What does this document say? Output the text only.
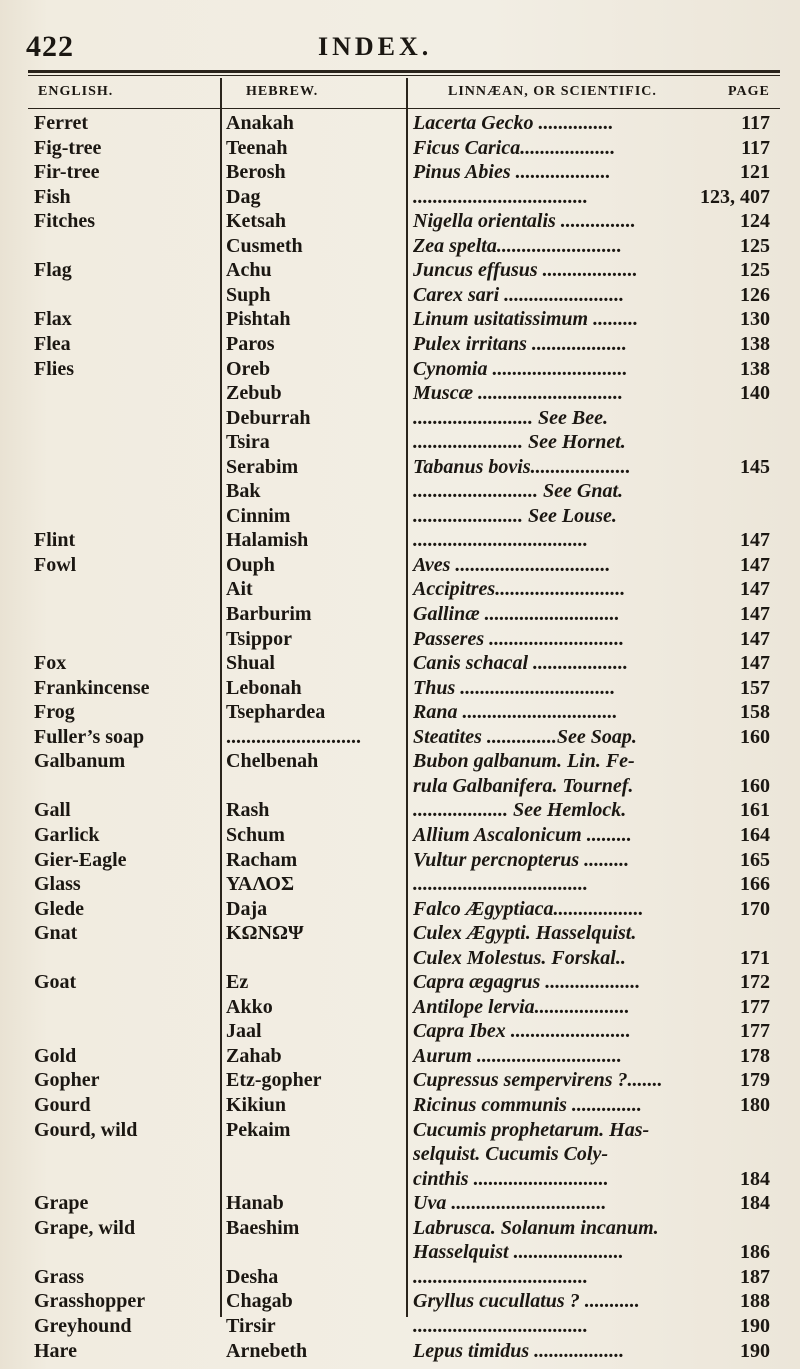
422	INDEX.
ENGLISH.	HEBREW.	LINNÆAN, OR SCIENTIFIC.	PAGE
Ferret	Anakah	Lacerta Gecko ...............	117
Fig-tree	Teenah	Ficus Carica...................	117
Fir-tree	Berosh	Pinus Abies ...................	121
Fish	Dag	...................................	123, 407
Fitches	Ketsah	Nigella orientalis ...............	124
Cusmeth	Zea spelta.........................	125
Flag	Achu	Juncus effusus ...................	125
Suph	Carex sari ........................	126
Flax	Pishtah	Linum usitatissimum .........	130
Flea	Paros	Pulex irritans ...................	138
Flies	Oreb	Cynomia ...........................	138
Zebub	Muscæ .............................	140
Deburrah	........................ See Bee.
Tsira	...................... See Hornet.
Serabim	Tabanus bovis....................	145
Bak	......................... See Gnat.
Cinnim	...................... See Louse.
Flint	Halamish	...................................	147
Fowl	Ouph	Aves ...............................	147
Ait	Accipitres..........................	147
Barburim	Gallinæ ...........................	147
Tsippor	Passeres ...........................	147
Fox	Shual	Canis schacal ...................	147
Frankincense	Lebonah	Thus ...............................	157
Frog	Tsephardea	Rana ...............................	158
Fuller’s soap	...........................	Steatites ..............See Soap.	160
Galbanum	Chelbenah	Bubon galbanum. Lin. Fe-
rula Galbanifera. Tournef.	160
Gall	Rash	................... See Hemlock.	161
Garlick	Schum	Allium Ascalonicum .........	164
Gier-Eagle	Racham	Vultur percnopterus .........	165
Glass	ΥΑΛΟΣ	...................................	166
Glede	Daja	Falco Ægyptiaca..................	170
Gnat	ΚΩΝΩΨ	Culex Ægypti. Hasselquist.
Culex Molestus. Forskal..	171
Goat	Ez	Capra ægagrus ...................	172
Akko	Antilope lervia...................	177
Jaal	Capra Ibex ........................	177
Gold	Zahab	Aurum .............................	178
Gopher	Etz-gopher	Cupressus sempervirens ?.......	179
Gourd	Kikiun	Ricinus communis ..............	180
Gourd, wild	Pekaim	Cucumis prophetarum. Has-
selquist. Cucumis Coly-
cinthis ...........................	184
Grape	Hanab	Uva ...............................	184
Grape, wild	Baeshim	Labrusca. Solanum incanum.
Hasselquist ......................	186
Grass	Desha	...................................	187
Grasshopper	Chagab	Gryllus cucullatus ? ...........	188
Greyhound	Tirsir	...................................	190
Hare	Arnebeth	Lepus timidus ..................	190
